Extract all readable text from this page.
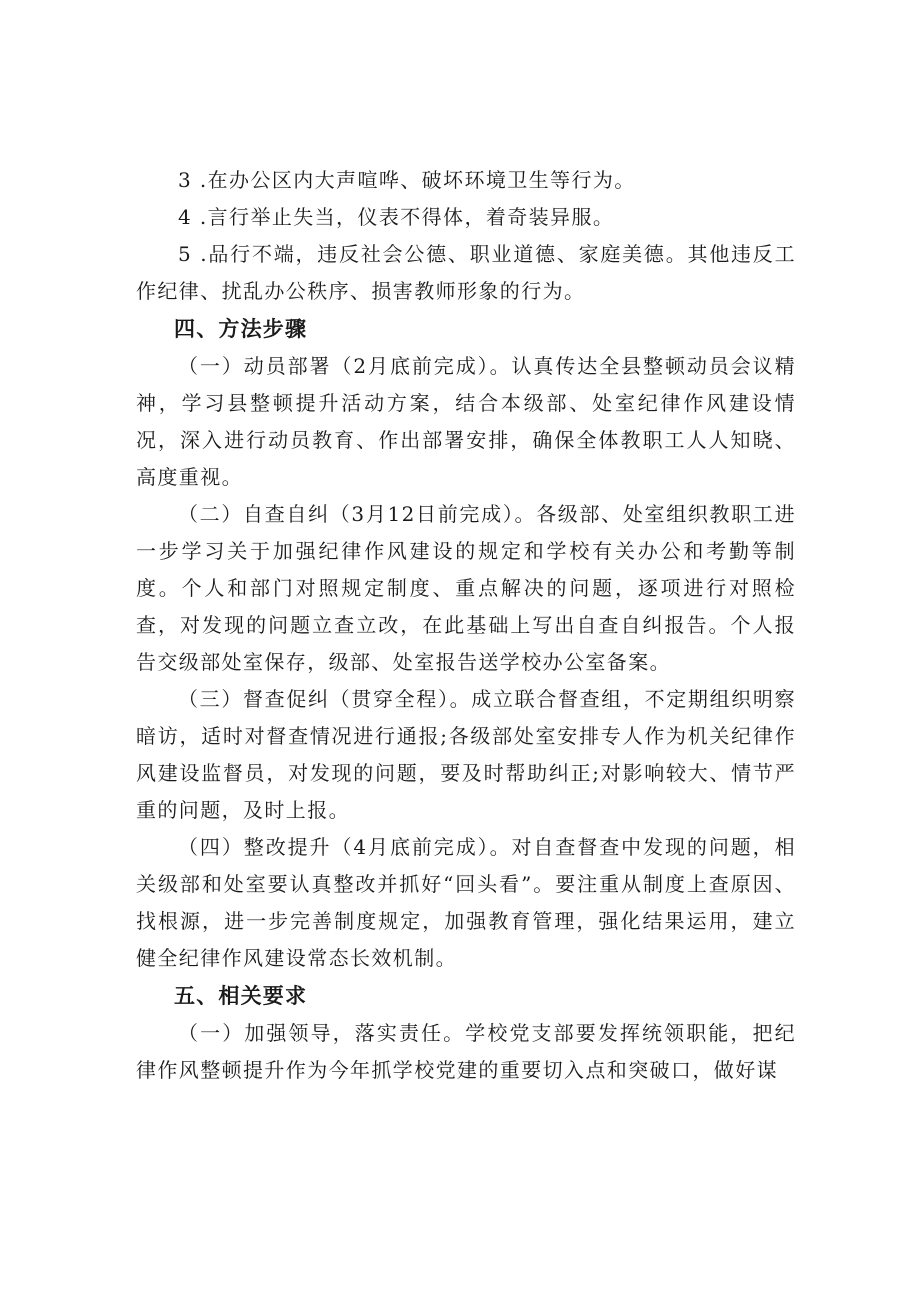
3 .在办公区内大声喧哗、破坏环境卫生等行为。

4 .言行举止失当，仪表不得体，着奇装异服。

5 .品行不端，违反社会公德、职业道德、家庭美德。其他违反工作纪律、扰乱办公秩序、损害教师形象的行为。

四、方法步骤

（一）动员部署（2月底前完成）。认真传达全县整顿动员会议精神，学习县整顿提升活动方案，结合本级部、处室纪律作风建设情况，深入进行动员教育、作出部署安排，确保全体教职工人人知晓、高度重视。

（二）自查自纠（3月12日前完成）。各级部、处室组织教职工进一步学习关于加强纪律作风建设的规定和学校有关办公和考勤等制度。个人和部门对照规定制度、重点解决的问题，逐项进行对照检查，对发现的问题立查立改，在此基础上写出自查自纠报告。个人报告交级部处室保存，级部、处室报告送学校办公室备案。

（三）督查促纠（贯穿全程）。成立联合督查组，不定期组织明察暗访，适时对督查情况进行通报;各级部处室安排专人作为机关纪律作风建设监督员，对发现的问题，要及时帮助纠正;对影响较大、情节严重的问题，及时上报。

（四）整改提升（4月底前完成）。对自查督查中发现的问题，相关级部和处室要认真整改并抓好“回头看”。要注重从制度上查原因、找根源，进一步完善制度规定，加强教育管理，强化结果运用，建立健全纪律作风建设常态长效机制。

五、相关要求

（一）加强领导，落实责任。学校党支部要发挥统领职能，把纪律作风整顿提升作为今年抓学校党建的重要切入点和突破口，做好谋
